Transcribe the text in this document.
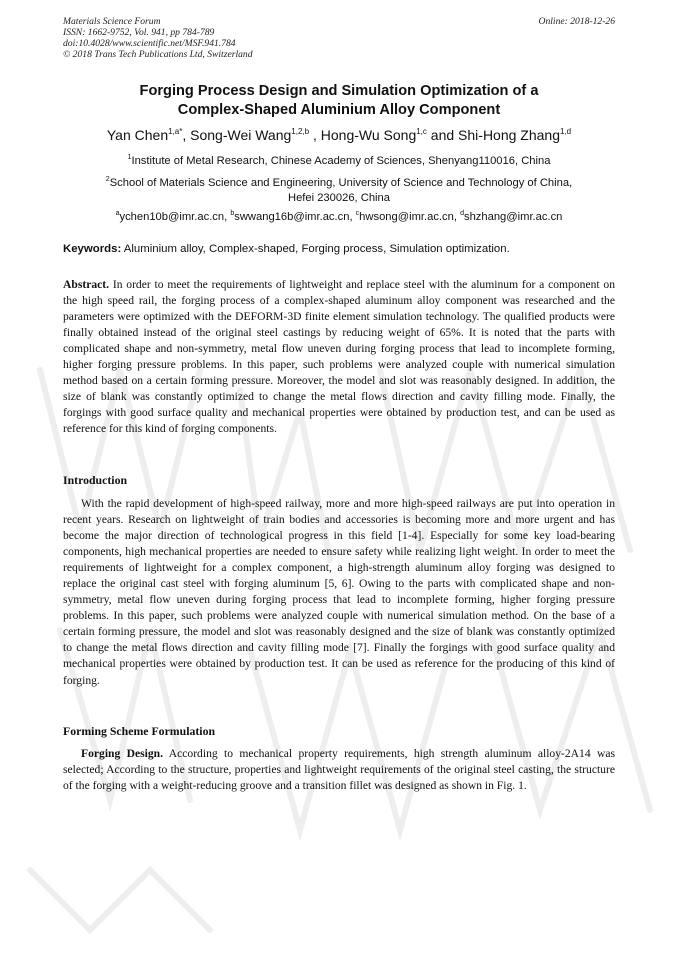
Materials Science Forum
ISSN: 1662-9752, Vol. 941, pp 784-789
doi:10.4028/www.scientific.net/MSF.941.784
© 2018 Trans Tech Publications Ltd, Switzerland
Online: 2018-12-26
Forging Process Design and Simulation Optimization of a
Complex-Shaped Aluminium Alloy Component
Yan Chen$^{1,a*}$, Song-Wei Wang$^{1,2,b}$ , Hong-Wu Song$^{1,c}$ and Shi-Hong Zhang$^{1,d}$
$^1$Institute of Metal Research, Chinese Academy of Sciences, Shenyang110016, China
$^2$School of Materials Science and Engineering, University of Science and Technology of China,
Hefei 230026, China
$^a$ychen10b@imr.ac.cn, $^b$swwang16b@imr.ac.cn, $^c$hwsong@imr.ac.cn, $^d$shzhang@imr.ac.cn
Keywords: Aluminium alloy, Complex-shaped, Forging process, Simulation optimization.
Abstract. In order to meet the requirements of lightweight and replace steel with the aluminum for a component on the high speed rail, the forging process of a complex-shaped aluminum alloy component was researched and the parameters were optimized with the DEFORM-3D finite element simulation technology. The qualified products were finally obtained instead of the original steel castings by reducing weight of 65%. It is noted that the parts with complicated shape and non-symmetry, metal flow uneven during forging process that lead to incomplete forming, higher forging pressure problems. In this paper, such problems were analyzed couple with numerical simulation method based on a certain forming pressure. Moreover, the model and slot was reasonably designed. In addition, the size of blank was constantly optimized to change the metal flows direction and cavity filling mode. Finally, the forgings with good surface quality and mechanical properties were obtained by production test, and can be used as reference for this kind of forging components.
Introduction
With the rapid development of high-speed railway, more and more high-speed railways are put into operation in recent years. Research on lightweight of train bodies and accessories is becoming more and more urgent and has become the major direction of technological progress in this field [1-4]. Especially for some key load-bearing components, high mechanical properties are needed to ensure safety while realizing light weight. In order to meet the requirements of lightweight for a complex component, a high-strength aluminum alloy forging was designed to replace the original cast steel with forging aluminum [5, 6]. Owing to the parts with complicated shape and non-symmetry, metal flow uneven during forging process that lead to incomplete forming, higher forging pressure problems. In this paper, such problems were analyzed couple with numerical simulation method. On the base of a certain forming pressure, the model and slot was reasonably designed and the size of blank was constantly optimized to change the metal flows direction and cavity filling mode [7]. Finally the forgings with good surface quality and mechanical properties were obtained by production test. It can be used as reference for the producing of this kind of forging.
Forming Scheme Formulation
Forging Design. According to mechanical property requirements, high strength aluminum alloy-2A14 was selected; According to the structure, properties and lightweight requirements of the original steel casting, the structure of the forging with a weight-reducing groove and a transition fillet was designed as shown in Fig. 1.
